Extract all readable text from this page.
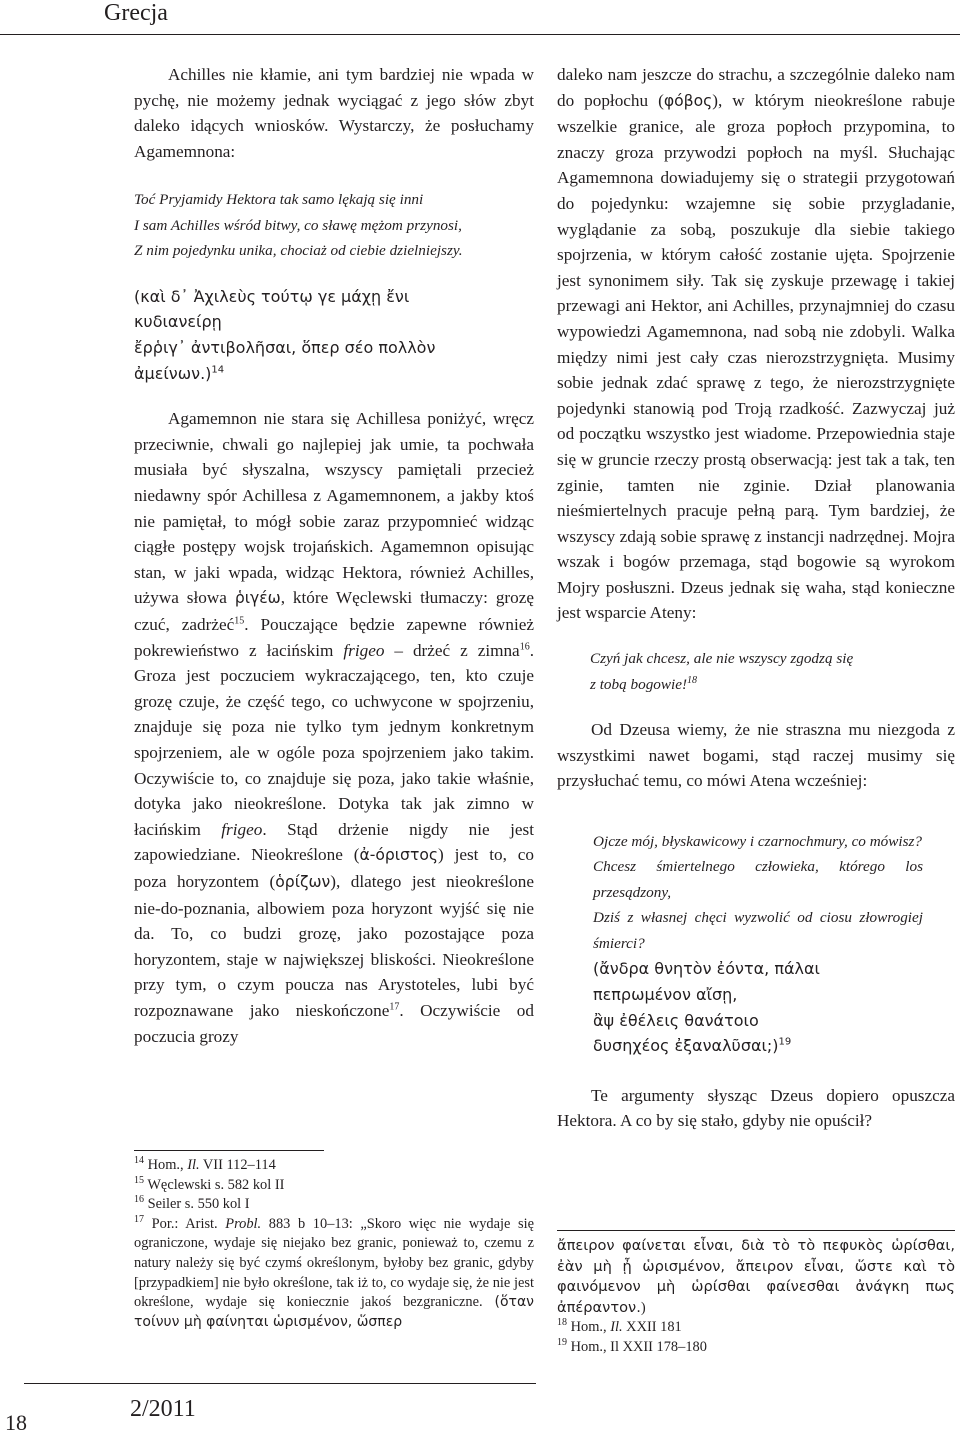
Grecja

Achilles nie kłamie, ani tym bardziej nie wpada w pychę, nie możemy jednak wyciągać z jego słów zbyt daleko idących wniosków. Wystarczy, że posłuchamy Agamemnona:

Toć Pryjamidy Hektora tak samo lękają się inni

I sam Achilles wśród bitwy, co sławę mężom przynosi,

Z nim pojedynku unika, chociaż od ciebie dzielniejszy.

(καὶ δ᾽ Ἀχιλεὺς τούτῳ γε μάχῃ ἔνι κυδιανείρῃ
ἔρῥιγ᾽ ἀντιβολῆσαι, ὅπερ σέο πολλὸν ἀμείνων.)$^{14}$

Agamemnon nie stara się Achillesa poniżyć, wręcz przeciwnie, chwali go najlepiej jak umie, ta pochwała musiała być słyszalna, wszyscy pamiętali przecież niedawny spór Achillesa z Agamemnonem, a jakby ktoś nie pamiętał, to mógł sobie zaraz przypomnieć widząc ciągłe postępy wojsk trojańskich. Agamemnon opisując stan, w jaki wpada, widząc Hektora, również Achilles, używa słowa ῥιγέω, które Węclewski tłumaczy: grozę czuć, zadrżeć$^{15}$. Pouczające będzie zapewne również pokrewieństwo z łacińskim frigeo – drżeć z zimna$^{16}$. Groza jest poczuciem wykraczającego, ten, kto czuje grozę czuje, że część tego, co uchwycone w spojrzeniu, znajduje się poza nie tylko tym jednym konkretnym spojrzeniem, ale w ogóle poza spojrzeniem jako takim. Oczywiście to, co znajduje się poza, jako takie właśnie, dotyka jako nieokreślone. Dotyka tak jak zimno w łacińskim frigeo. Stąd drżenie nigdy nie jest zapowiedziane. Nieokreślone (ἀ-όριστος) jest to, co poza horyzontem (ὁρίζων), dlatego jest nieokreślone nie-do-poznania, albowiem poza horyzont wyjść się nie da. To, co budzi grozę, jako pozostające poza horyzontem, staje w największej bliskości. Nieokreślone przy tym, o czym poucza nas Arystoteles, lubi być rozpoznawane jako nieskończone$^{17}$. Oczywiście od poczucia grozy

$^{14}$ Hom., Il. VII 112–114

$^{15}$ Węclewski s. 582 kol II

$^{16}$ Seiler s. 550 kol I

$^{17}$ Por.: Arist. Probl. 883 b 10–13: „Skoro więc nie wydaje się ograniczone, wydaje się niejako bez granic, ponieważ to, czemu z natury należy się być czymś określonym, byłoby bez granic, gdyby [przypadkiem] nie było określone, tak iż to, co wydaje się, że nie jest określone, wydaje się koniecznie jakoś bezgraniczne. (ὅταν τοίνυν μὴ φαίνηται ὡρισμένον, ὥσπερ

daleko nam jeszcze do strachu, a szczególnie daleko nam do popłochu (φόβος), w którym nieokreślone rabuje wszelkie granice, ale groza popłoch przypomina, to znaczy groza przywodzi popłoch na myśl. Słuchając Agamemnona dowiadujemy się o strategii przygotowań do pojedynku: wzajemne się sobie przygladanie, wyglądanie za sobą, poszukuje dla siebie takiego spojrzenia, w którym całość zostanie ujęta. Spojrzenie jest synonimem siły. Tak się zyskuje przewagę i takiej przewagi ani Hektor, ani Achilles, przynajmniej do czasu wypowiedzi Agamemnona, nad sobą nie zdobyli. Walka między nimi jest cały czas nierozstrzygnięta. Musimy sobie jednak zdać sprawę z tego, że nierozstrzygnięte pojedynki stanowią pod Troją rzadkość. Zazwyczaj już od początku wszystko jest wiadome. Przepowiednia staje się w gruncie rzeczy prostą obserwacją: jest tak a tak, ten zginie, tamten nie zginie. Dział planowania nieśmiertelnych pracuje pełną parą. Tym bardziej, że wszyscy zdają sobie sprawę z instancji nadrzędnej. Mojra wszak i bogów przemaga, stąd bogowie są wyrokom Mojry posłuszni. Dzeus jednak się waha, stąd konieczne jest wsparcie Ateny:

Czyń jak chcesz, ale nie wszyscy zgodzą się

z tobą bogowie!$^{18}$

Od Dzeusa wiemy, że nie straszna mu niezgoda z wszystkimi nawet bogami, stąd raczej musimy się przysłuchać temu, co mówi Atena wcześniej:

Ojcze mój, błyskawicowy i czarnochmury, co mówisz?

Chcesz śmiertelnego człowieka, którego los przesądzony,

Dziś z własnej chęci wyzwolić od ciosu złowrogiej śmierci?

(ἄνδρα θνητὸν ἐόντα, πάλαι
πεπρωμένον αἴσῃ,
ἂψ ἐθέλεις θανάτοιο
δυσηχέος ἐξαναλῦσαι;)$^{19}$

Te argumenty słysząc Dzeus dopiero opuszcza Hektora. A co by się stało, gdyby nie opuścił?

ἄπειρον φαίνεται εἶναι, διὰ τὸ τὸ πεφυκὸς ὡρίσθαι, ἐὰν μὴ ᾖ ὡρισμένον, ἄπειρον εἶναι, ὥστε καὶ τὸ φαινόμενον μὴ ὡρίσθαι φαίνεσθαι ἀνάγκη πως ἀπέραντον.)

$^{18}$ Hom., Il. XXII 181

$^{19}$ Hom., Il XXII 178–180

18
2/2011
